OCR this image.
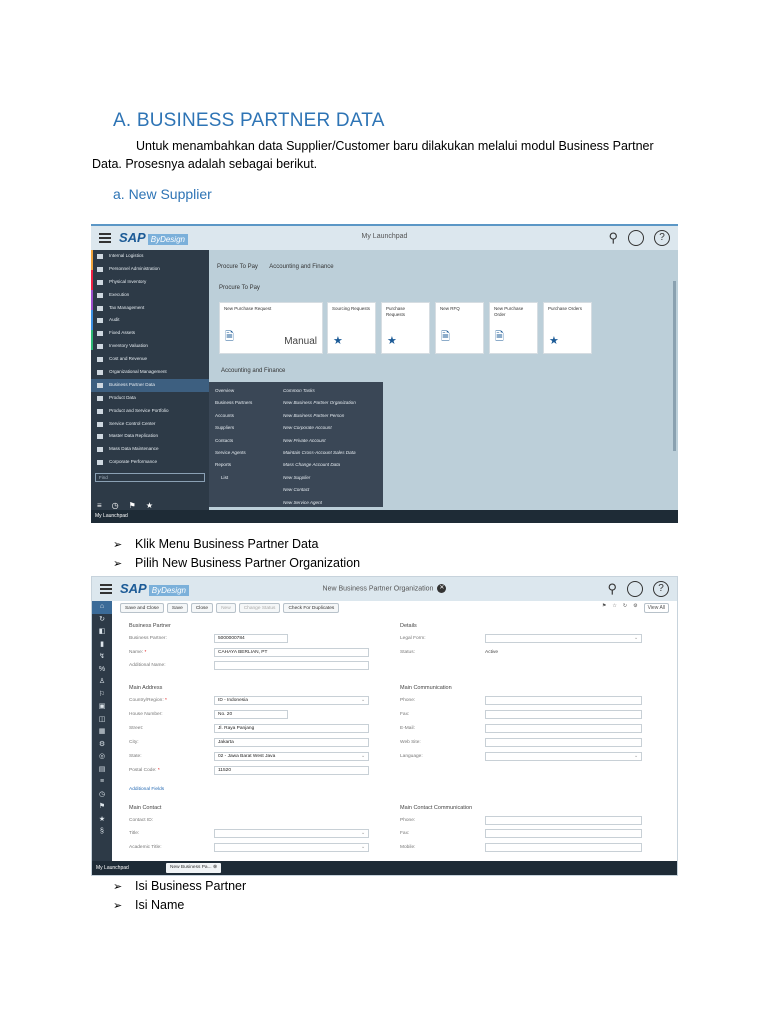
A. BUSINESS PARTNER DATA
Untuk menambahkan data Supplier/Customer baru dilakukan melalui modul Business Partner
Data. Prosesnya adalah sebagai berikut.
a. New Supplier
SAP ByDesign	My Launchpad	⚲	?
Internal Logistics
Personnel Administration
Physical Inventory
Execution
Tax Management
Audit
Fixed Assets
Inventory Valuation
Cost and Revenue
Organizational Management
Business Partner Data
Product Data
Product and Service Portfolio
Service Control Center
Master Data Replication
Mass Data Maintenance
Corporate Performance
Find
≡◷⚑★
Overview
Business Partners
Accounts
Suppliers
Contacts
Service Agents
Reports
List
Common Tasks
New Business Partner Organization
New Business Partner Person
New Corporate Account
New Private Account
Maintain Cross-Account Sales Data
Mass Change Account Data
New Supplier
New Contact
New Service Agent
Procure To Pay Accounting and Finance
Procure To Pay
New Purchase Request
🗎	Manual
Sourcing Requests
★
Purchase Requests
★
New RFQ
🗎
New Purchase Order
🗎
Purchase Orders
★
Accounting and Finance
My Launchpad
➢ Klik Menu Business Partner Data
➢ Pilih New Business Partner Organization
SAP ByDesign	New Business Partner Organization ✕	⚲	?
⌂
↻
◧
▮
↯
%
♙
⚐
▣
◫
▦
⚙
◎
▤
≡
◷
⚑
★
§
Save and Close	Save	Close	New	Change Status	Check For Duplicates	⚑ ☆ ↻ ⚙	View All
Business Partner
Business Partner:	5000000784
Name: *	CAHAYA BERLIAN, PT
Additional Name:
Details
Legal Form:	⌄
Status:	Active
Main Address
Country/Region: *	ID - Indonesia	⌄
House Number:	No. 20
Street:	Jl. Raya Panjang
City:	Jakarta
State:	02 - Jawa Barat West Java	⌄
Postal Code: *	11520
Main Communication
Phone:
Fax:
E-Mail:
Web Site:
Language:	⌄
Additional Fields
Main Contact
Contact ID:
Title:	⌄
Academic Title:	⌄
Main Contact Communication
Phone:
Fax:
Mobile:
My Launchpad	New Business Pa... ⊗
➢ Isi Business Partner
➢ Isi Name
